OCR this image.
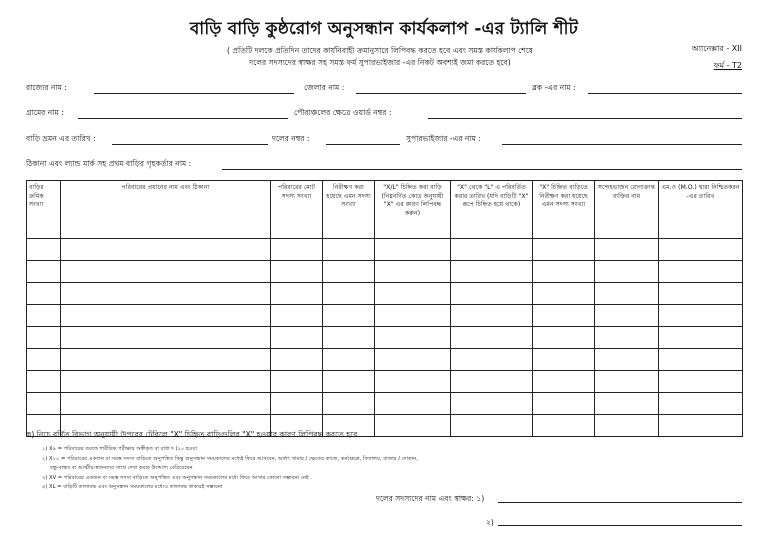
বাড়ি বাড়ি কুষ্ঠরোগ অনুসন্ধান কার্যকলাপ -এর ট্যালি শীট
( প্রতিটি দলকে প্রতিদিন তাদের কার্যনিবাহী ক্রমানুসারে লিপিবদ্ধ করতে হবে এবং সমস্ত কার্যকলাপ শেষে
দলের সদস্যদের স্বাক্ষর সহ সমস্ত ফর্ম সুপারভাইজার -এর নিকট অবশ্যই জমা করতে হবে)
অ্যানেক্সার - XII
ফর্ম - T2
রাজ্যের নাম :	জেলার নাম :	ব্লক -এর নাম :
গ্রামের নাম :	পৌরাঞ্চলের ক্ষেত্রে ওয়ার্ড নম্বর :
বাড়ি ভ্রমন এর তারিখ :	দলের নম্বর :	সুপারভাইজার -এর নাম :
ঠিকানা এবং ল্যান্ড মার্ক সহ প্রথম বাড়ির গৃহকর্তার নাম :
বাড়ির ক্রমিক সংখ্যা	পরিবারের প্রধানের নাম এবং ঠিকানা	পরিবারের মোট সদস্য সংখ্যা	নিরীক্ষণ করা হয়েছে এমন সদস্য সংখ্যা	"X/L" চিহ্নিত করা বাড়ি (নিম্নবর্ণিত কোড অনুযায়ী "X" এর কারণ লিপিবদ্ধ করুন)	"X" থেকে "L" এ পরিবর্তিত করার তারিখ (যদি বাড়িটি "X" রূপে চিহ্নিত হয়ে থাকে)	"X" চিহ্নিত বাড়িতে নিরীক্ষণ করা হয়েছে এমন সদস্য সংখ্যা	সন্দেহভাজন রোগাক্রান্ত ব্যক্তির নাম	এম.ও (M.O.) দ্বারা নিশ্চিতকরন -এর তারিখ

ক) নিচে বর্ণিত বিভাগ অনুযায়ী উপরের টেবিলে "X" চিহ্নিত বাড়িগুলির "X" হওয়ার কারণ লিপিবদ্ধ করতে হবে
১) X৯ = পরিবারের তরফে শারীরিক পরীক্ষায় অস্বীকৃত বা বাধা দ (২০ হওয়া
২) X১০ = পরিবারের একজন বা সমস্ত সদস্য বাড়িতে অনুপস্থিত কিন্তু অনুসন্ধান সময়কালের মধ্যেই ফিরে আসবেন, অর্থাৎ খামার / ক্ষেতের কাজে, কর্মক্ষেত্রে, বিদ্যালয়, বাজার / দোকান,
বন্ধু-বান্ধব বা আত্মীয়-স্বজনদের সাথে দেখা করার উদ্দেশ্যে বেরিয়েছেন
৩) XV = পরিবারের একজন বা সমস্ত সদস্য বাড়িতে অনুপস্থিত এবং অনুসন্ধান সময়কালের মধ্যে ফিরে আসার কোনো সম্ভাবনা নেই
৪) XL = বাড়িটি তালাবদ্ধ এবং অনুসন্ধান সময়কালের মধ্যেও তালাবদ্ধ থাকারই সম্ভাবনা
দলের সদস্যদের নাম এবং স্বাক্ষর: ১)
২)
